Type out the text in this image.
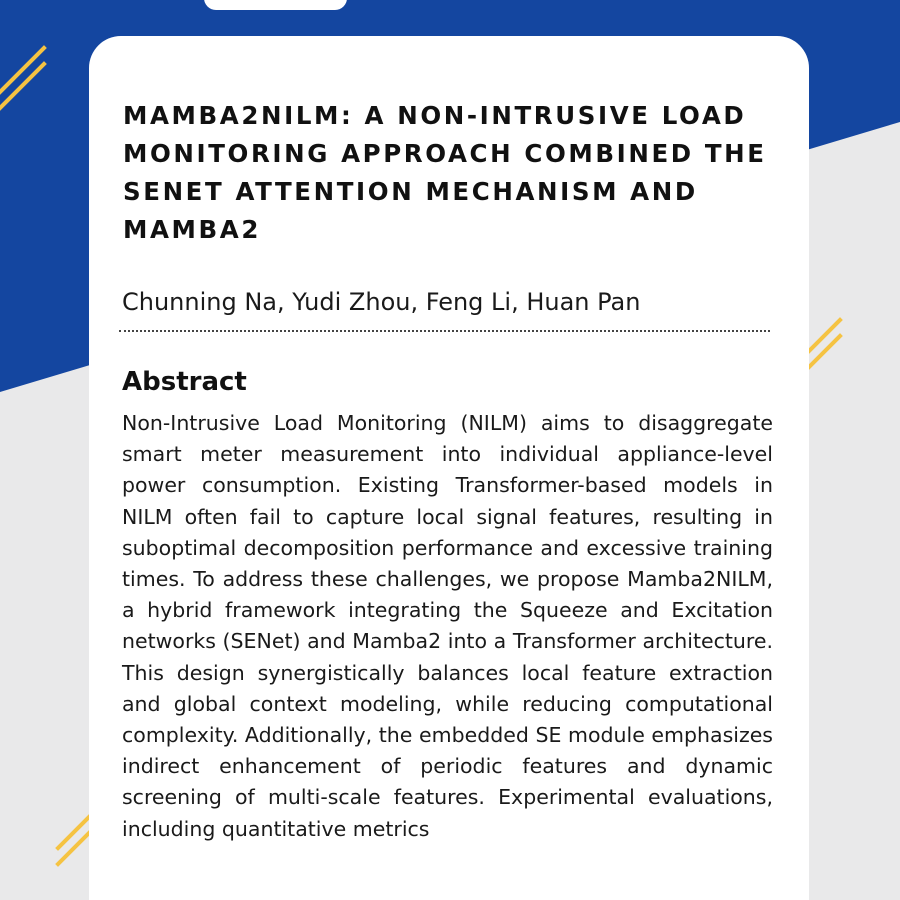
MAMBA2NILM: A NON-INTRUSIVE LOAD MONITORING APPROACH COMBINED THE SENET ATTENTION MECHANISM AND MAMBA2
Chunning Na, Yudi Zhou, Feng Li, Huan Pan
Abstract
Non-Intrusive Load Monitoring (NILM) aims to disaggregate smart meter measurement into individual appliance-level power consumption. Existing Transformer-based models in NILM often fail to capture local signal features, resulting in suboptimal decomposition performance and excessive training times. To address these challenges, we propose Mamba2NILM, a hybrid framework integrating the Squeeze and Excitation networks (SENet) and Mamba2 into a Transformer architecture. This design synergistically balances local feature extraction and global context modeling, while reducing computational complexity. Additionally, the embedded SE module emphasizes indirect enhancement of periodic features and dynamic screening of multi-scale features. Experimental evaluations, including quantitative metrics
